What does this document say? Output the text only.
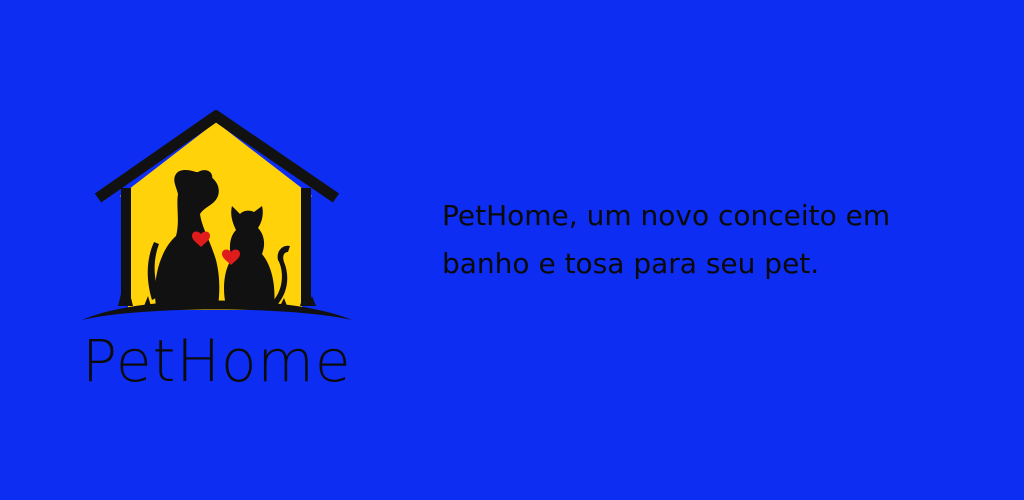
PetHome
PetHome, um novo conceito em
banho e tosa para seu pet.
